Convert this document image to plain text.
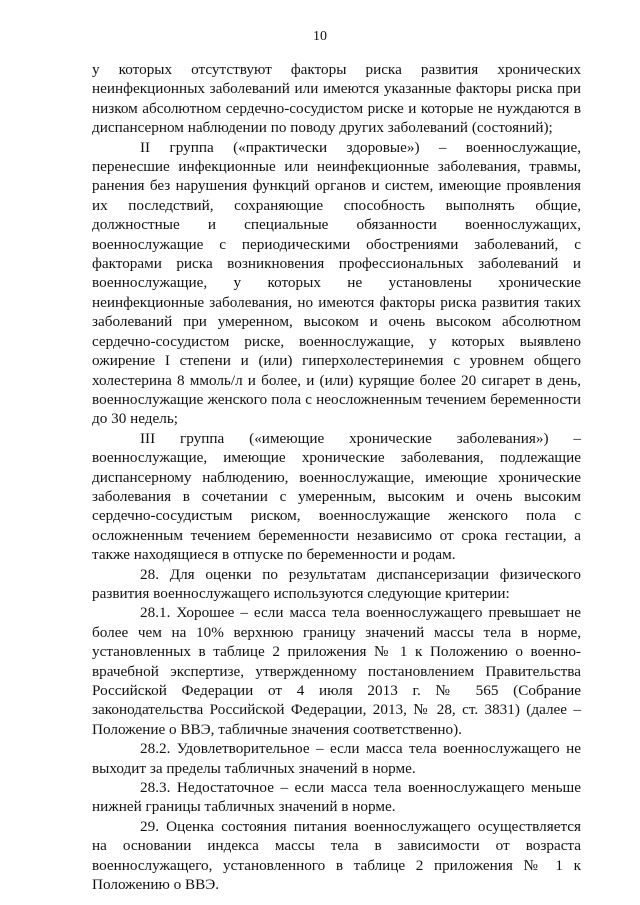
10

у которых отсутствуют факторы риска развития хронических неинфекционных заболеваний или имеются указанные факторы риска при низком абсолютном сердечно-сосудистом риске и которые не нуждаются в диспансерном наблюдении по поводу других заболеваний (состояний);

II группа («практически здоровые») – военнослужащие, перенесшие инфекционные или неинфекционные заболевания, травмы, ранения без нарушения функций органов и систем, имеющие проявления их последствий, сохраняющие способность выполнять общие, должностные и специальные обязанности военнослужащих, военнослужащие с периодическими обострениями заболеваний, с факторами риска возникновения профессиональных заболеваний и военнослужащие, у которых не установлены хронические неинфекционные заболевания, но имеются факторы риска развития таких заболеваний при умеренном, высоком и очень высоком абсолютном сердечно-сосудистом риске, военнослужащие, у которых выявлено ожирение I степени и (или) гиперхолестеринемия с уровнем общего холестерина 8 ммоль/л и более, и (или) курящие более 20 сигарет в день, военнослужащие женского пола с неосложненным течением беременности до 30 недель;

III группа («имеющие хронические заболевания») – военнослужащие, имеющие хронические заболевания, подлежащие диспансерному наблюдению, военнослужащие, имеющие хронические заболевания в сочетании с умеренным, высоким и очень высоким сердечно-сосудистым риском, военнослужащие женского пола с осложненным течением беременности независимо от срока гестации, а также находящиеся в отпуске по беременности и родам.

28. Для оценки по результатам диспансеризации физического развития военнослужащего используются следующие критерии:

28.1. Хорошее – если масса тела военнослужащего превышает не более чем на 10% верхнюю границу значений массы тела в норме, установленных в таблице 2 приложения № 1 к Положению о военно-врачебной экспертизе, утвержденному постановлением Правительства Российской Федерации от 4 июля 2013 г. № 565 (Собрание законодательства Российской Федерации, 2013, № 28, ст. 3831) (далее – Положение о ВВЭ, табличные значения соответственно).

28.2. Удовлетворительное – если масса тела военнослужащего не выходит за пределы табличных значений в норме.

28.3. Недостаточное – если масса тела военнослужащего меньше нижней границы табличных значений в норме.

29. Оценка состояния питания военнослужащего осуществляется на основании индекса массы тела в зависимости от возраста военнослужащего, установленного в таблице 2 приложения № 1 к Положению о ВВЭ.
